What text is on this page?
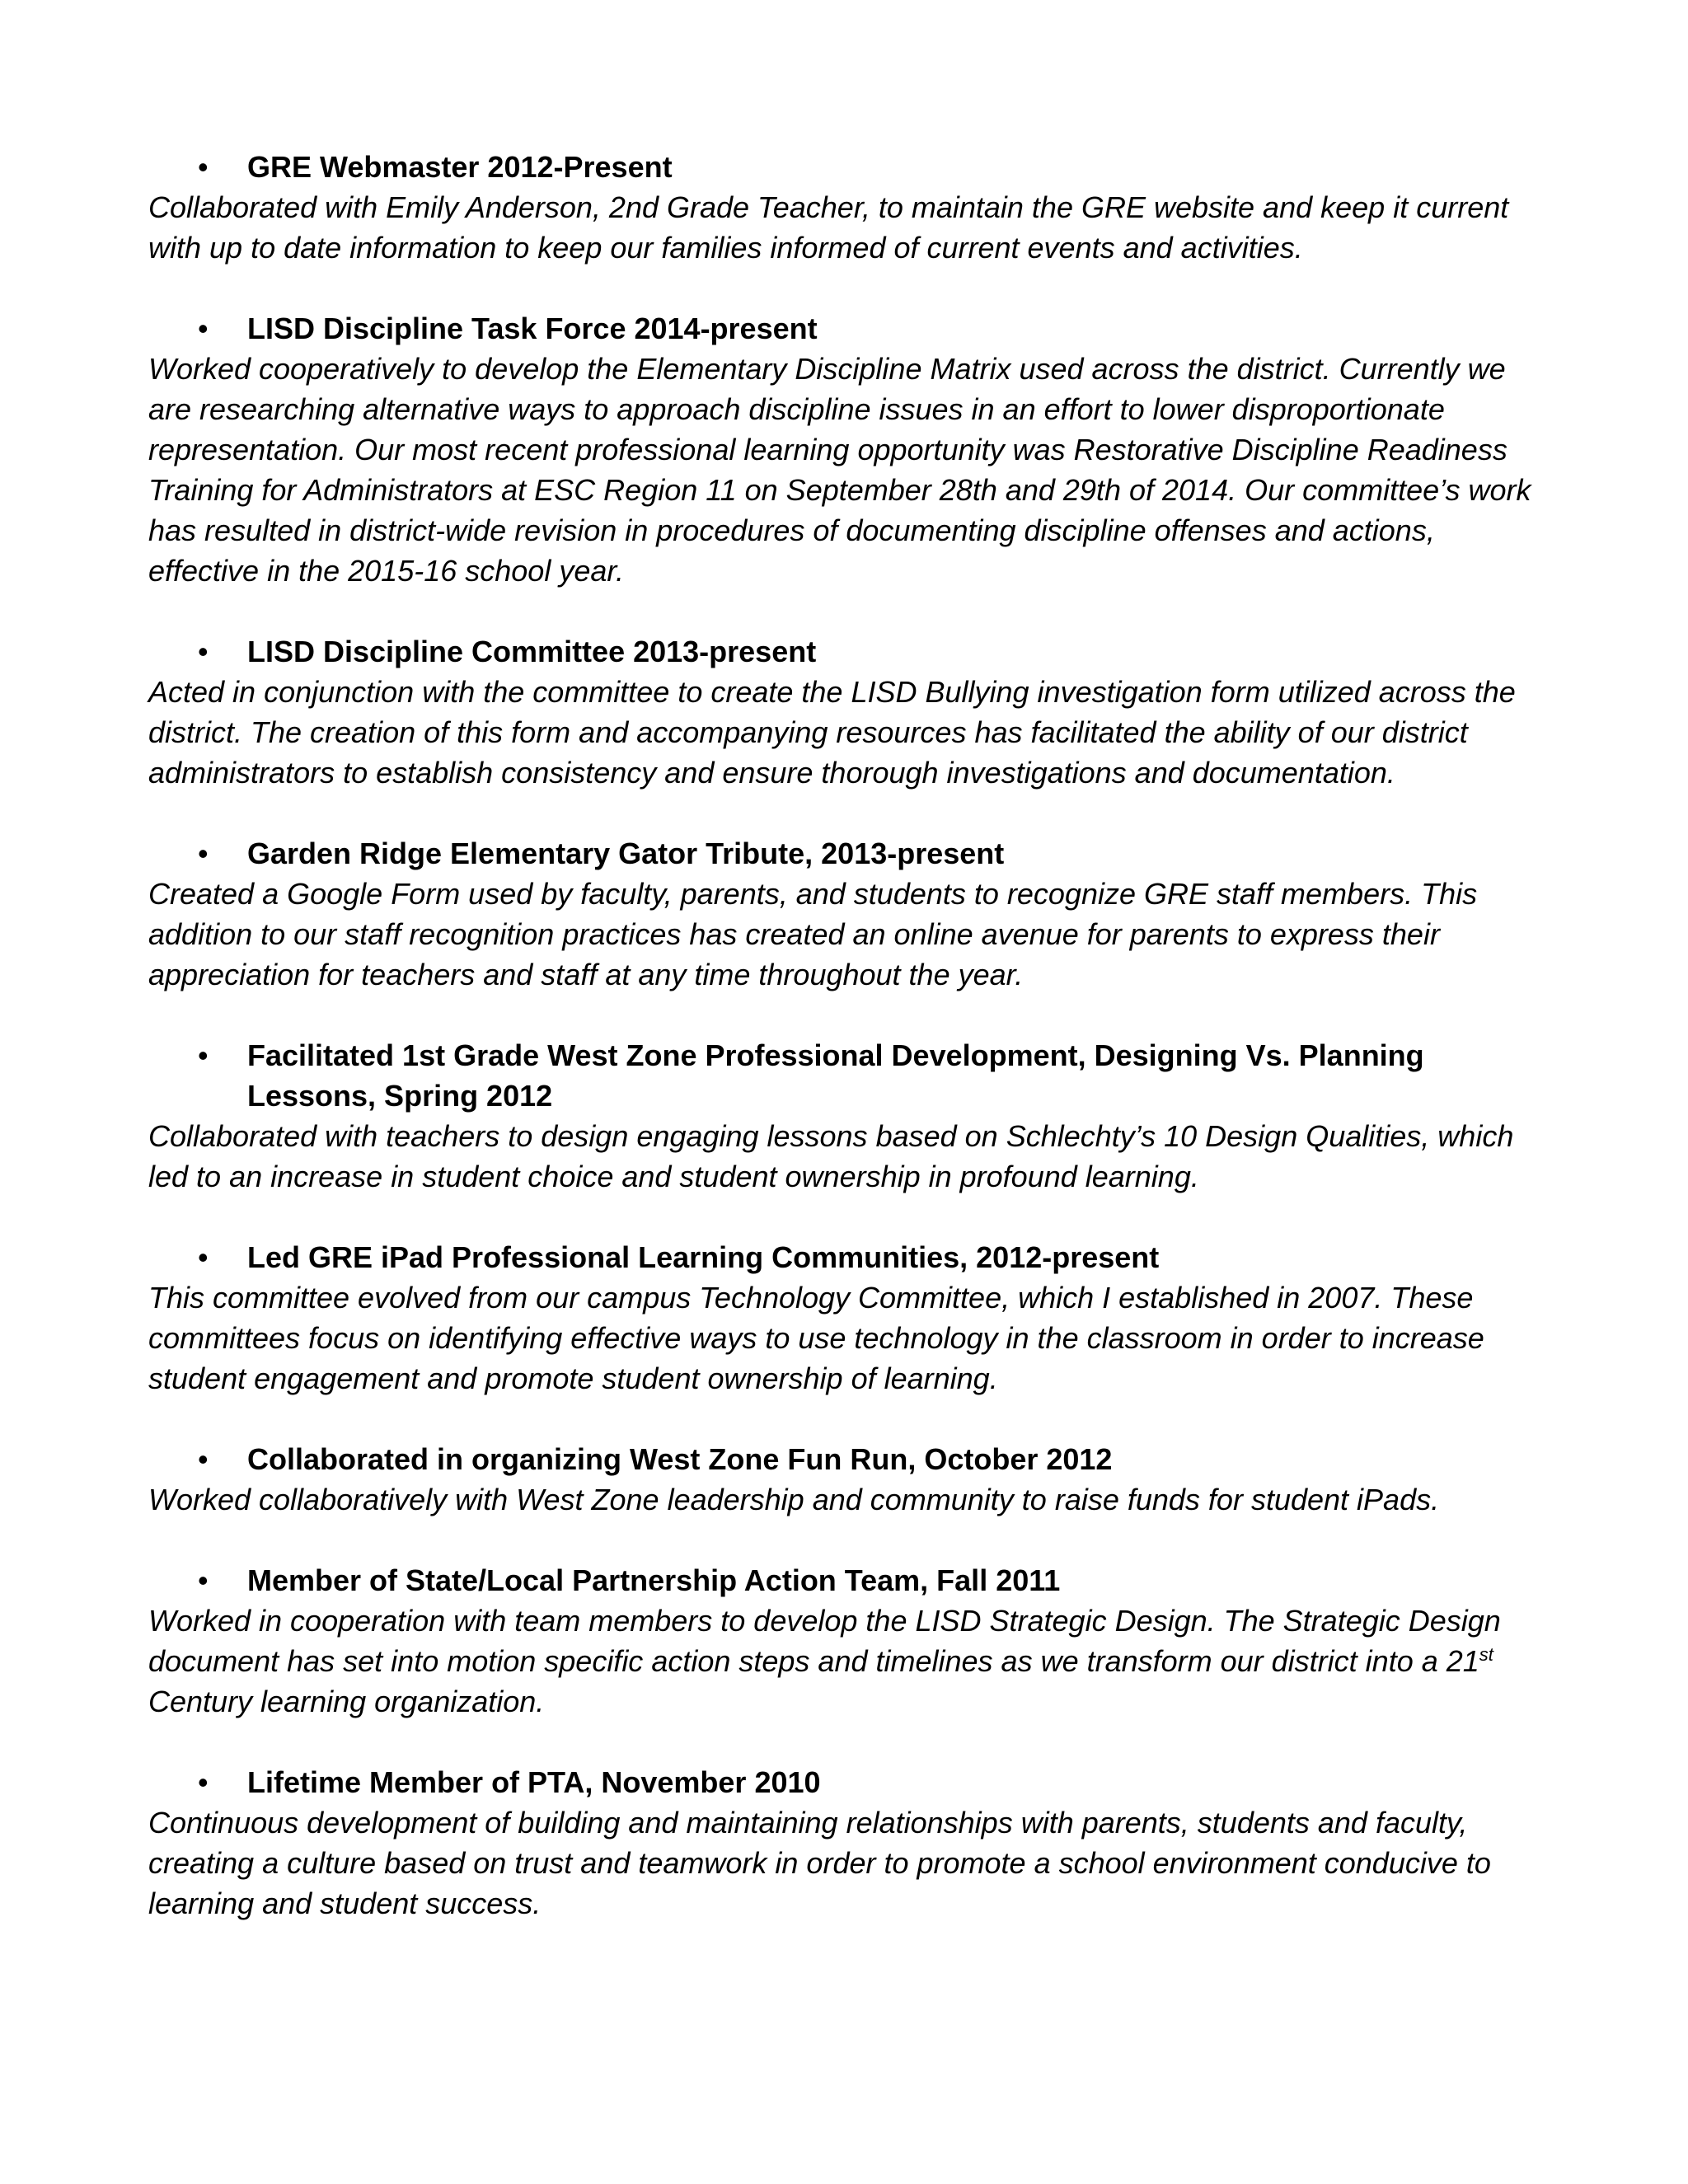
• GRE Webmaster 2012-Present

Collaborated with Emily Anderson, 2nd Grade Teacher, to maintain the GRE website and keep it current with up to date information to keep our families informed of current events and activities.

• LISD Discipline Task Force 2014-present

Worked cooperatively to develop the Elementary Discipline Matrix used across the district. Currently we are researching alternative ways to approach discipline issues in an effort to lower disproportionate representation. Our most recent professional learning opportunity was Restorative Discipline Readiness Training for Administrators at ESC Region 11 on September 28th and 29th of 2014. Our committee’s work has resulted in district-wide revision in procedures of documenting discipline offenses and actions, effective in the 2015-16 school year.

• LISD Discipline Committee 2013-present

Acted in conjunction with the committee to create the LISD Bullying investigation form utilized across the district. The creation of this form and accompanying resources has facilitated the ability of our district administrators to establish consistency and ensure thorough investigations and documentation.

• Garden Ridge Elementary Gator Tribute, 2013-present

Created a Google Form used by faculty, parents, and students to recognize GRE staff members. This addition to our staff recognition practices has created an online avenue for parents to express their appreciation for teachers and staff at any time throughout the year.

• Facilitated 1st Grade West Zone Professional Development, Designing Vs. Planning Lessons, Spring 2012

Collaborated with teachers to design engaging lessons based on Schlechty’s 10 Design Qualities, which led to an increase in student choice and student ownership in profound learning.

• Led GRE iPad Professional Learning Communities, 2012-present

This committee evolved from our campus Technology Committee, which I established in 2007. These committees focus on identifying effective ways to use technology in the classroom in order to increase student engagement and promote student ownership of learning.

• Collaborated in organizing West Zone Fun Run, October 2012

Worked collaboratively with West Zone leadership and community to raise funds for student iPads.

• Member of State/Local Partnership Action Team, Fall 2011

Worked in cooperation with team members to develop the LISD Strategic Design. The Strategic Design document has set into motion specific action steps and timelines as we transform our district into a 21st Century learning organization.

• Lifetime Member of PTA, November 2010

Continuous development of building and maintaining relationships with parents, students and faculty, creating a culture based on trust and teamwork in order to promote a school environment conducive to learning and student success.
